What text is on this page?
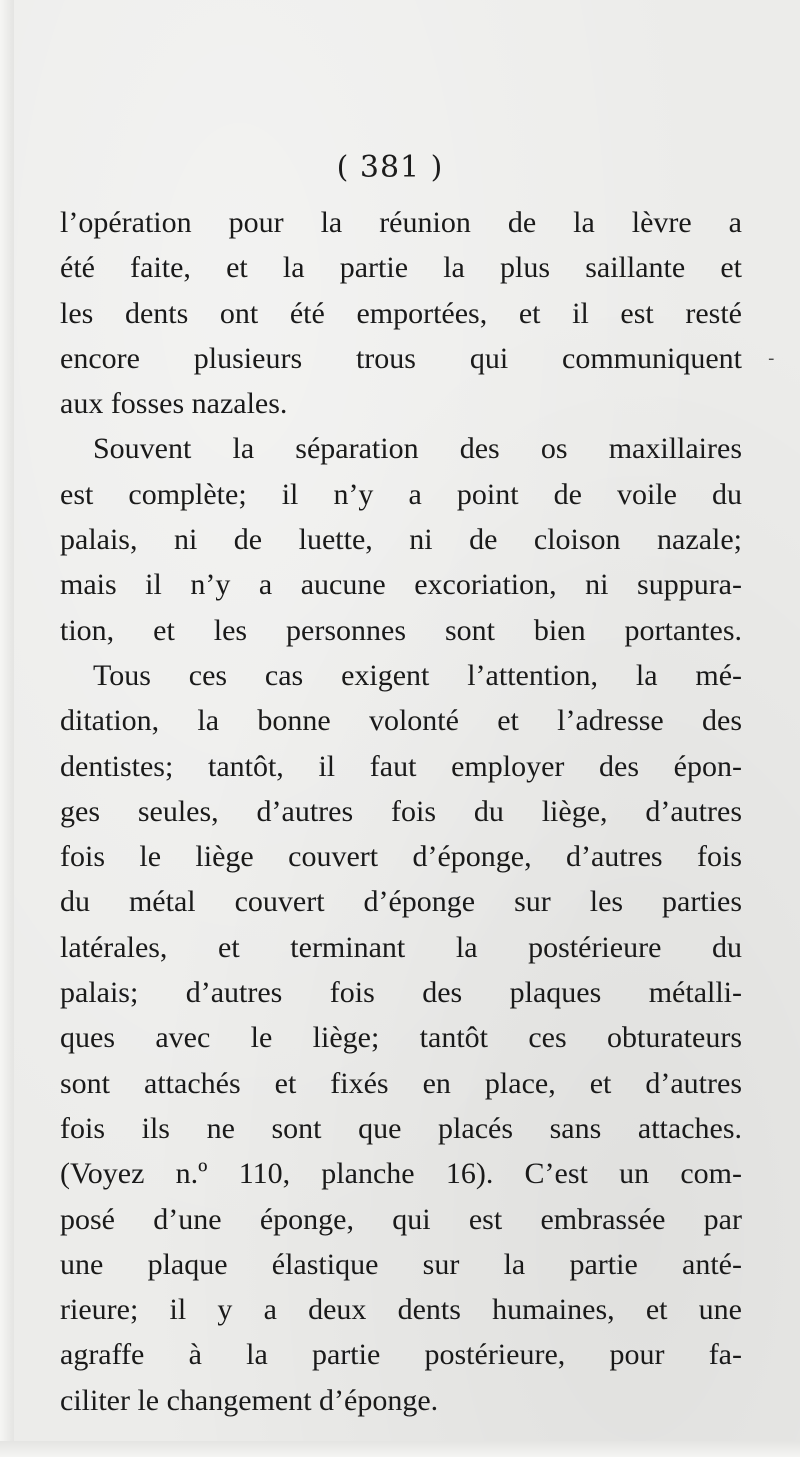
( 381 )
-
l’opération pour la réunion de la lèvre a
été faite, et la partie la plus saillante et
les dents ont été emportées, et il est resté
encore plusieurs trous qui communiquent
aux fosses nazales.
Souvent la séparation des os maxillaires
est complète; il n’y a point de voile du
palais, ni de luette, ni de cloison nazale;
mais il n’y a aucune excoriation, ni suppura-
tion, et les personnes sont bien portantes.
Tous ces cas exigent l’attention, la mé-
ditation, la bonne volonté et l’adresse des
dentistes; tantôt, il faut employer des épon-
ges seules, d’autres fois du liège, d’autres
fois le liège couvert d’éponge, d’autres fois
du métal couvert d’éponge sur les parties
latérales, et terminant la postérieure du
palais; d’autres fois des plaques métalli-
ques avec le liège; tantôt ces obturateurs
sont attachés et fixés en place, et d’autres
fois ils ne sont que placés sans attaches.
(Voyez n.º 110, planche 16). C’est un com-
posé d’une éponge, qui est embrassée par
une plaque élastique sur la partie anté-
rieure; il y a deux dents humaines, et une
agraffe à la partie postérieure, pour fa-
ciliter le changement d’éponge.
